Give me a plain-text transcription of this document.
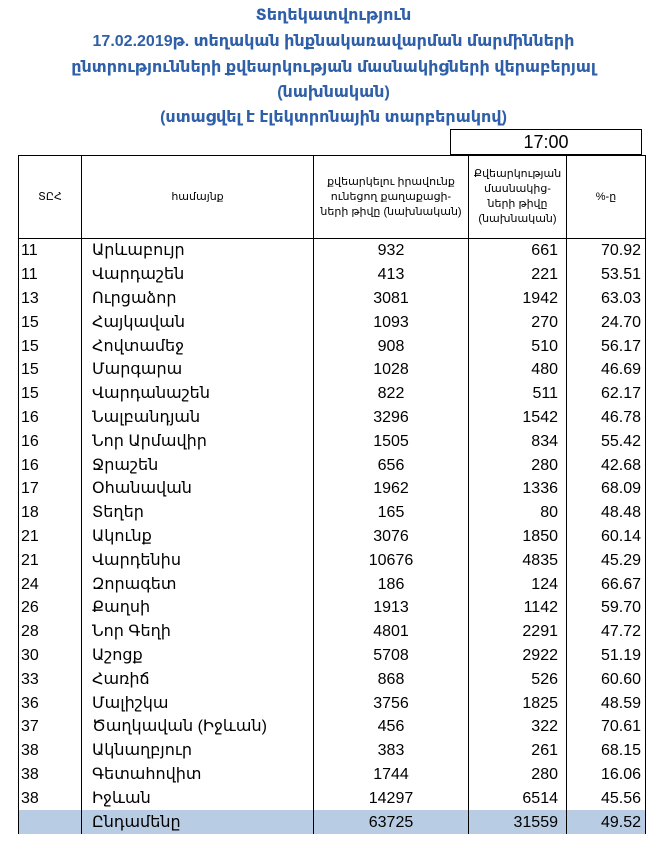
Տեղեկատվություն
17.02.2019թ. տեղական ինքնակառավարման մարմինների
ընտրությունների քվեարկության մասնակիցների վերաբերյալ
(նախնական)
(ստացվել է էլեկտրոնային տարբերակով)
17:00
ՏԸՀ	համայնք	քվեարկելու իրավունք ունեցող քաղաքացի-ների թիվը (նախնական)	Քվեարկության մասնակից-ների թիվը (նախնական)	%-ը
11	Արևաբույր	932	661	70.92
11	Վարդաշեն	413	221	53.51
13	Ուրցաձոր	3081	1942	63.03
15	Հայկավան	1093	270	24.70
15	Հովտամեջ	908	510	56.17
15	Մարգարա	1028	480	46.69
15	Վարդանաշեն	822	511	62.17
16	Նալբանդյան	3296	1542	46.78
16	Նոր Արմավիր	1505	834	55.42
16	Ջրաշեն	656	280	42.68
17	Օհանավան	1962	1336	68.09
18	Տեղեր	165	80	48.48
21	Ակունք	3076	1850	60.14
21	Վարդենիս	10676	4835	45.29
24	Զորագետ	186	124	66.67
26	Քաղսի	1913	1142	59.70
28	Նոր Գեղի	4801	2291	47.72
30	Աշոցք	5708	2922	51.19
33	Հառիճ	868	526	60.60
36	Մալիշկա	3756	1825	48.59
37	Ծաղկավան (Իջևան)	456	322	70.61
38	Ակնաղբյուր	383	261	68.15
38	Գետահովիտ	1744	280	16.06
38	Իջևան	14297	6514	45.56
	Ընդամենը	63725	31559	49.52
